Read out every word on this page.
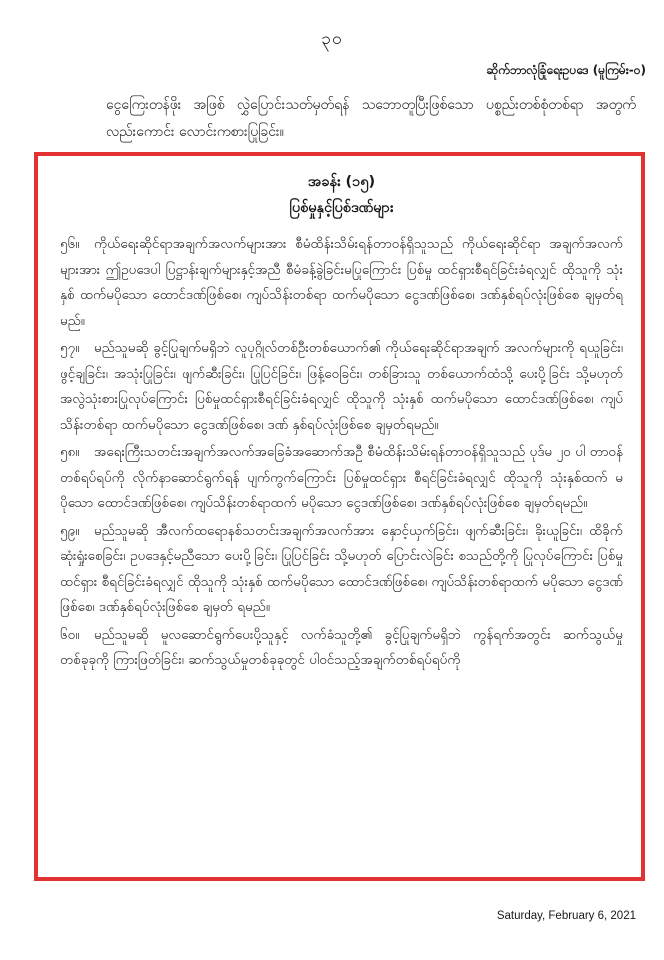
၃၀
ဆိုက်ဘာလုံခြုံရေးဥပဒေ (မူကြမ်း-၀)

ငွေကြေးတန်ဖိုး အဖြစ် လွှဲပြောင်းသတ်မှတ်ရန် သဘောတူပြီးဖြစ်သော ပစ္စည်းတစ်စုံတစ်ရာ အတွက် လည်းကောင်း လောင်းကစားပြုခြင်း။

အခန်း (၁၅)

ပြစ်မှုနှင့်ပြစ်ဒဏ်များ

၅၆။ ကိုယ်ရေးဆိုင်ရာအချက်အလက်များအား စီမံထိန်းသိမ်းရန်တာဝန်ရှိသူသည် ကိုယ်ရေးဆိုင်ရာ အချက်အလက်များအား ဤဥပဒေပါ ပြဋ္ဌာန်းချက်များနှင့်အညီ စီမံခန့်ခွဲခြင်းမပြုကြောင်း ပြစ်မှု ထင်ရှားစီရင်ခြင်းခံရလျှင် ထိုသူကို သုံးနှစ် ထက်မပိုသော ထောင်ဒဏ်ဖြစ်စေ၊ ကျပ်သိန်းတစ်ရာ ထက်မပိုသော ငွေဒဏ်ဖြစ်စေ၊ ဒဏ်နှစ်ရပ်လုံးဖြစ်စေ ချမှတ်ရမည်။

၅၇။ မည်သူမဆို ခွင့်ပြုချက်မရှိဘဲ လူပုဂ္ဂိုလ်တစ်ဦးတစ်ယောက်၏ ကိုယ်ရေးဆိုင်ရာအချက် အလက်များကို ရယူခြင်း၊ ဖွင့်ချခြင်း၊ အသုံးပြုခြင်း၊ ဖျက်ဆီးခြင်း၊ ပြုပြင်ခြင်း၊ ဖြန့်ဝေခြင်း၊ တစ်ခြားသူ တစ်ယောက်ထံသို့ ပေးပို့ခြင်း သို့မဟုတ် အလွဲသုံးစားပြုလုပ်ကြောင်း ပြစ်မှုထင်ရှားစီရင်ခြင်းခံရလျှင် ထိုသူကို သုံးနှစ် ထက်မပိုသော ထောင်ဒဏ်ဖြစ်စေ၊ ကျပ်သိန်းတစ်ရာ ထက်မပိုသော ငွေဒဏ်ဖြစ်စေ၊ ဒဏ် နှစ်ရပ်လုံးဖြစ်စေ ချမှတ်ရမည်။

၅၈။ အရေးကြီးသတင်းအချက်အလက်အခြေခံအဆောက်အဦ စီမံထိန်းသိမ်းရန်တာဝန်ရှိသူသည် ပုဒ်မ ၂၀ ပါ တာဝန်တစ်ရပ်ရပ်ကို လိုက်နာဆောင်ရွက်ရန် ပျက်ကွက်ကြောင်း ပြစ်မှုထင်ရှား စီရင်ခြင်းခံရလျှင် ထိုသူကို သုံးနှစ်ထက် မပိုသော ထောင်ဒဏ်ဖြစ်စေ၊ ကျပ်သိန်းတစ်ရာထက် မပိုသော ငွေဒဏ်ဖြစ်စေ၊ ဒဏ်နှစ်ရပ်လုံးဖြစ်စေ ချမှတ်ရမည်။

၅၉။ မည်သူမဆို အီလက်ထရောနစ်သတင်းအချက်အလက်အား နှောင့်ယှက်ခြင်း၊ ဖျက်ဆီးခြင်း၊ ခိုးယူခြင်း၊ ထိခိုက်ဆုံးရှုံးစေခြင်း၊ ဥပဒေနှင့်မညီသော ပေးပို့ခြင်း၊ ပြုပြင်ခြင်း သို့မဟုတ် ပြောင်းလဲခြင်း စသည်တို့ကို ပြုလုပ်ကြောင်း ပြစ်မှုထင်ရှား စီရင်ခြင်းခံရလျှင် ထိုသူကို သုံးနှစ် ထက်မပိုသော ထောင်ဒဏ်ဖြစ်စေ၊ ကျပ်သိန်းတစ်ရာထက် မပိုသော ငွေဒဏ်ဖြစ်စေ၊ ဒဏ်နှစ်ရပ်လုံးဖြစ်စေ ချမှတ် ရမည်။

၆၀။ မည်သူမဆို မူလဆောင်ရွက်ပေးပို့သူနှင့် လက်ခံသူတို့၏ ခွင့်ပြုချက်မရှိဘဲ ကွန်ရက်အတွင်း ဆက်သွယ်မှု တစ်ခုခုကို ကြားဖြတ်ခြင်း၊ ဆက်သွယ်မှုတစ်ခုခုတွင် ပါဝင်သည့်အချက်တစ်ရပ်ရပ်ကို

Saturday, February 6, 2021
